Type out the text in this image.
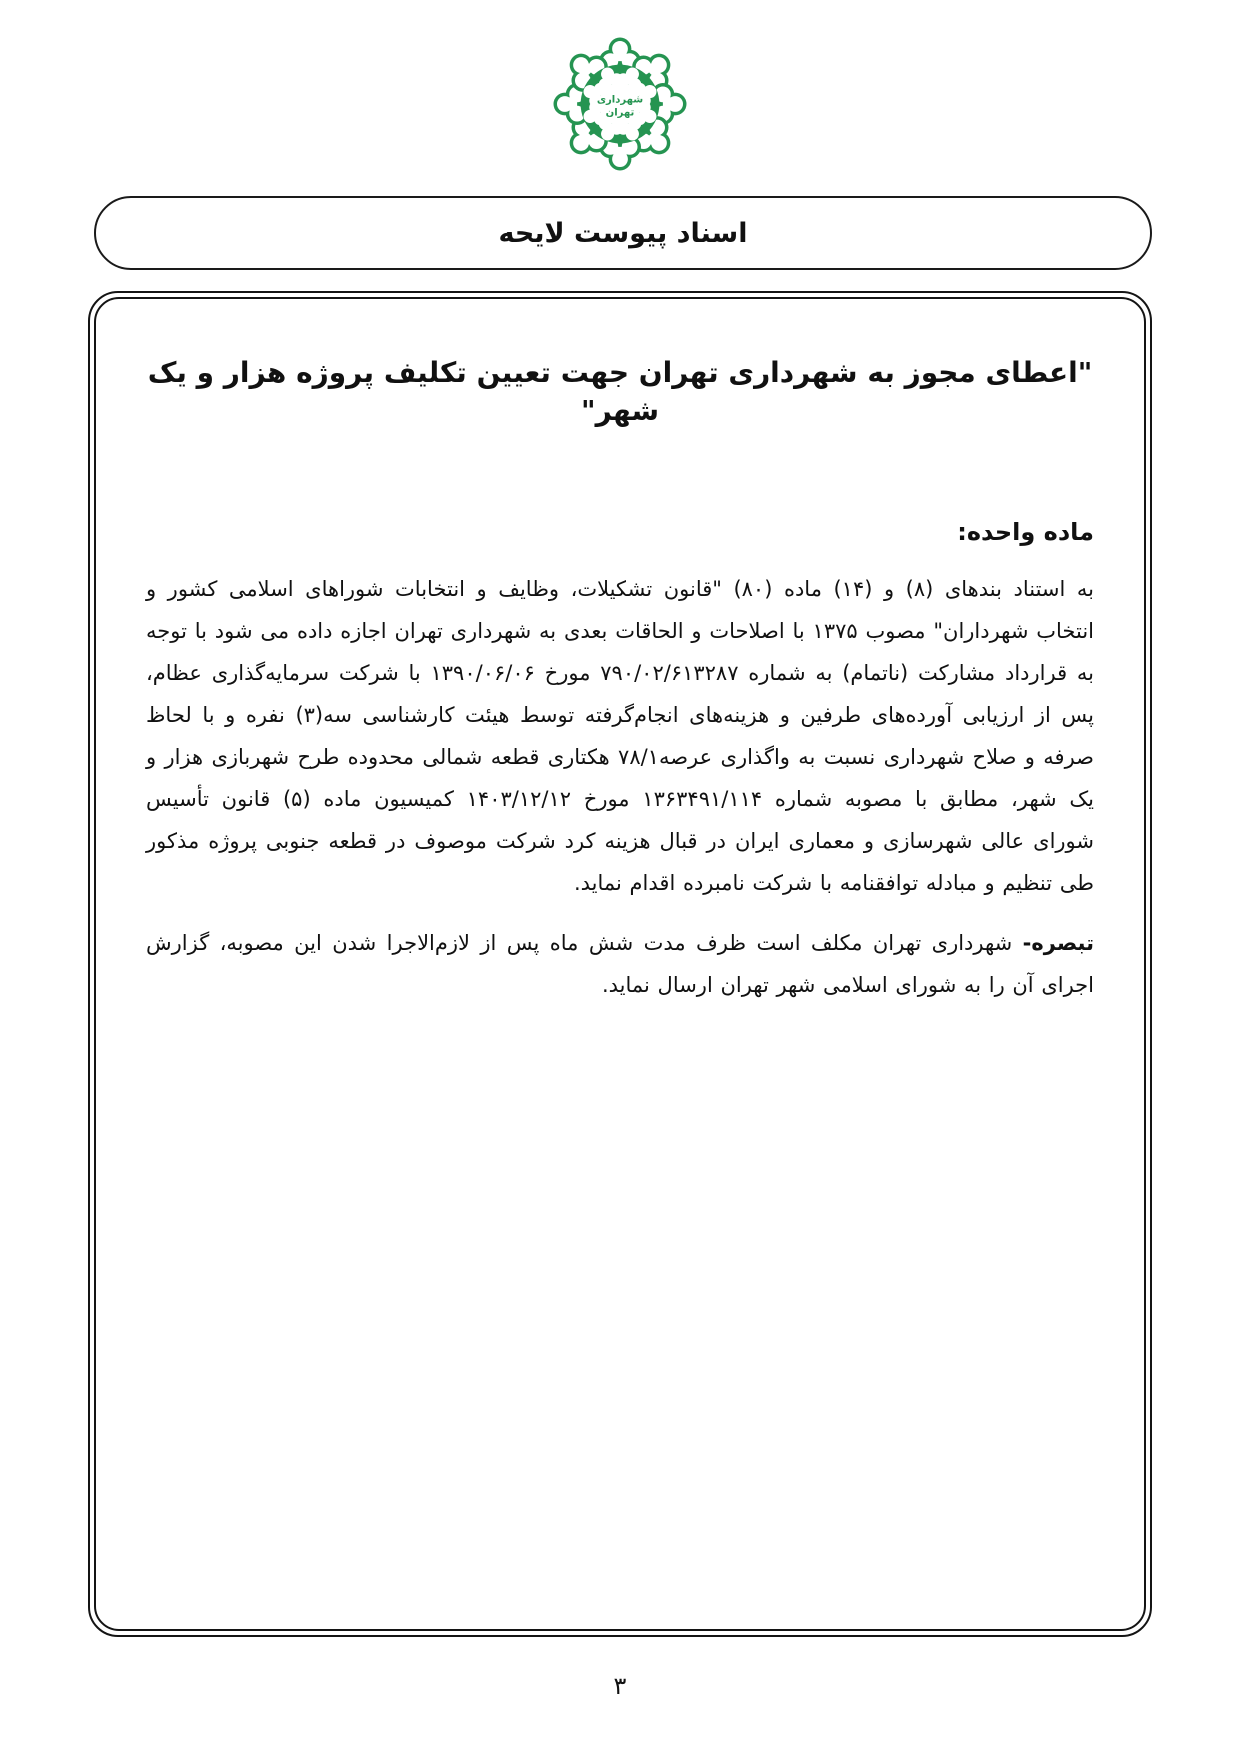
شهرداری
تهران
اسناد پیوست لایحه
"اعطای مجوز به شهرداری تهران جهت تعیین تکلیف پروژه هزار و یک شهر"
ماده واحده:

به استناد بندهای (۸) و (۱۴) ماده (۸۰) "قانون تشکیلات، وظایف و انتخابات شوراهای اسلامی کشور و انتخاب شهرداران" مصوب ۱۳۷۵ با اصلاحات و الحاقات بعدی به شهرداری تهران اجازه داده می شود با توجه به قرارداد مشارکت (ناتمام) به شماره ۷۹۰/۰۲/۶۱۳۲۸۷ مورخ ۱۳۹۰/۰۶/۰۶ با شرکت سرمایه‌گذاری عظام، پس از ارزیابی آورده‌های طرفین و هزینه‌های انجام‌گرفته توسط هیئت کارشناسی سه(۳) نفره و با لحاظ صرفه و صلاح شهرداری نسبت به واگذاری عرصه۷۸/۱ هکتاری قطعه شمالی محدوده طرح شهربازی هزار و یک شهر، مطابق با مصوبه شماره ۱۳۶۳۴۹۱/۱۱۴ مورخ ۱۴۰۳/۱۲/۱۲ کمیسیون ماده (۵) قانون تأسیس شورای عالی شهرسازی و معماری ایران در قبال هزینه کرد شرکت موصوف در قطعه جنوبی پروژه مذکور طی تنظیم و مبادله توافقنامه با شرکت نامبرده اقدام نماید.

تبصره- شهرداری تهران مکلف است ظرف مدت شش ماه پس از لازم‌الاجرا شدن این مصوبه، گزارش اجرای آن را به شورای اسلامی شهر تهران ارسال نماید.

۳
